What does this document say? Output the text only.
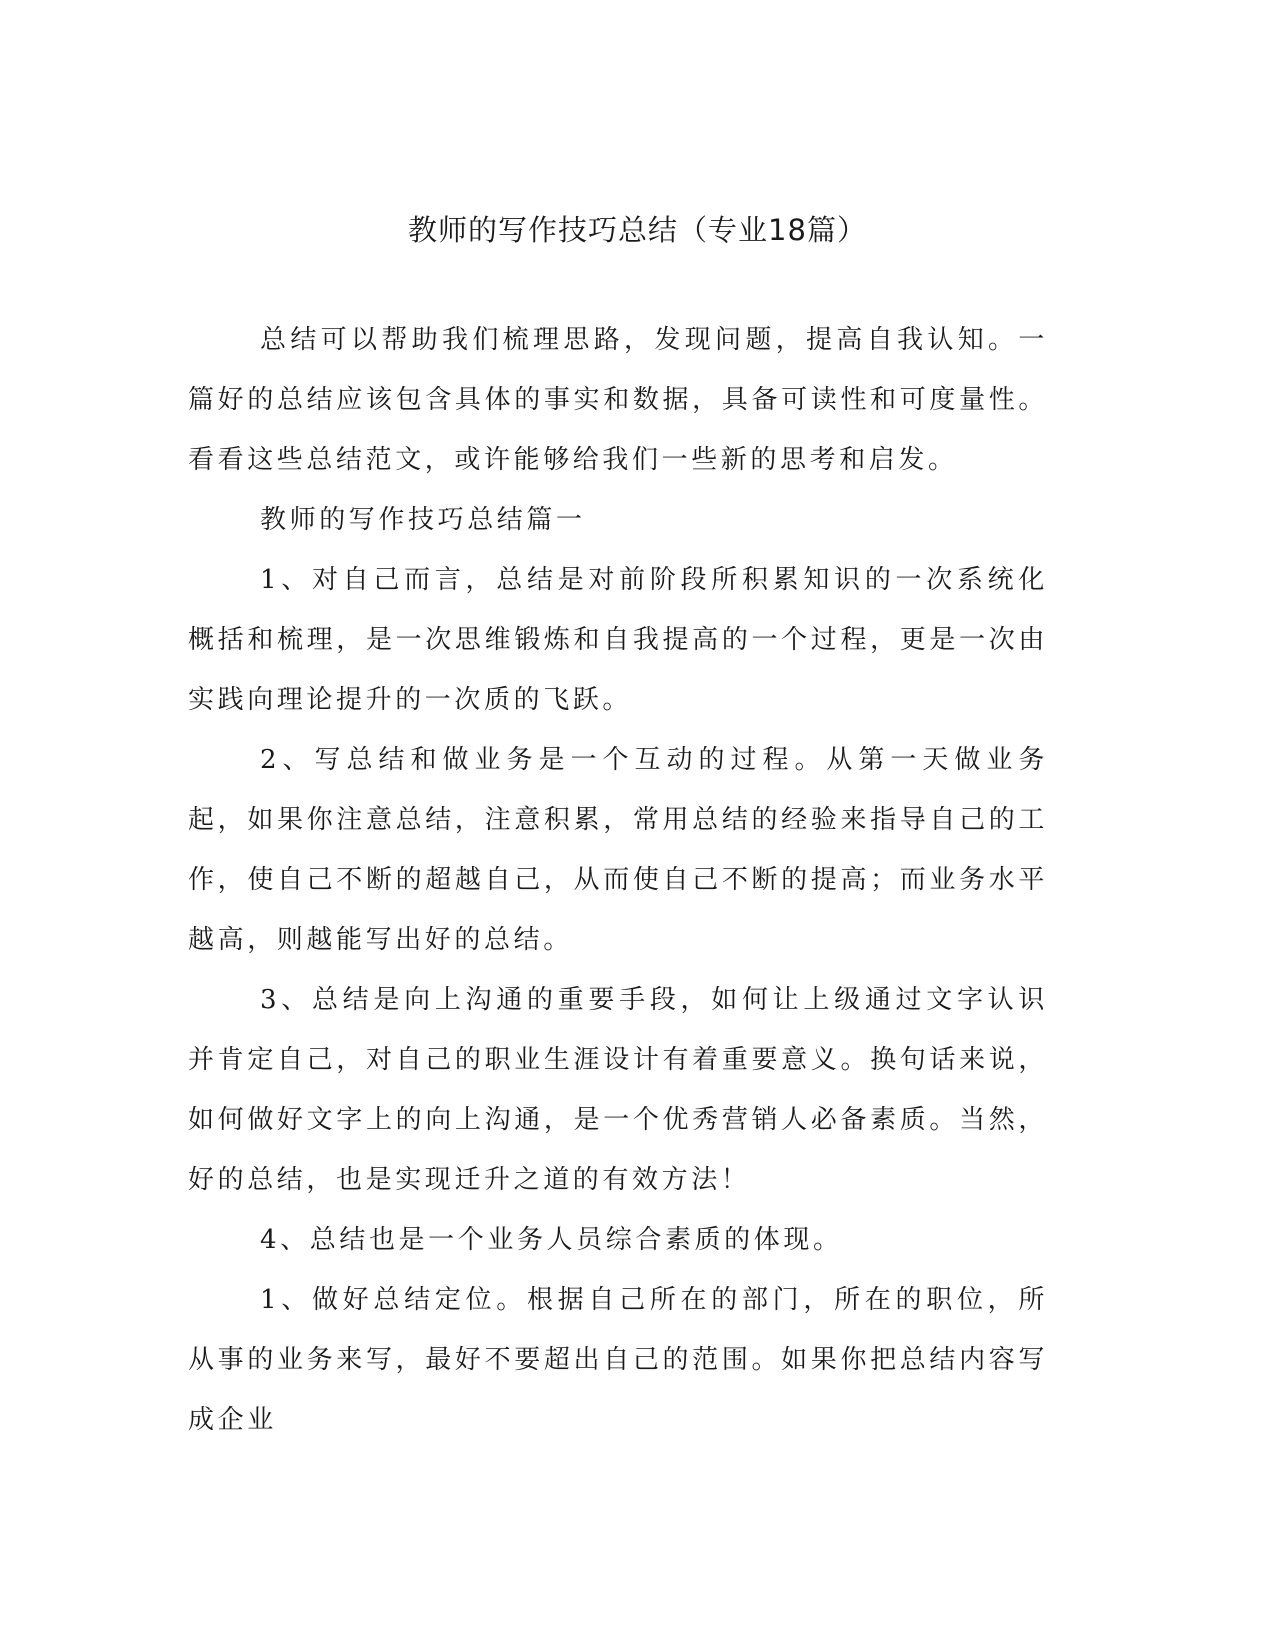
教师的写作技巧总结（专业18篇）

总结可以帮助我们梳理思路，发现问题，提高自我认知。一篇好的总结应该包含具体的事实和数据，具备可读性和可度量性。看看这些总结范文，或许能够给我们一些新的思考和启发。

教师的写作技巧总结篇一

1、对自己而言，总结是对前阶段所积累知识的一次系统化概括和梳理，是一次思维锻炼和自我提高的一个过程，更是一次由实践向理论提升的一次质的飞跃。

2、写总结和做业务是一个互动的过程。从第一天做业务起，如果你注意总结，注意积累，常用总结的经验来指导自己的工作，使自己不断的超越自己，从而使自己不断的提高；而业务水平越高，则越能写出好的总结。

3、总结是向上沟通的重要手段，如何让上级通过文字认识并肯定自己，对自己的职业生涯设计有着重要意义。换句话来说，如何做好文字上的向上沟通，是一个优秀营销人必备素质。当然，好的总结，也是实现迁升之道的有效方法！

4、总结也是一个业务人员综合素质的体现。

1、做好总结定位。根据自己所在的部门，所在的职位，所从事的业务来写，最好不要超出自己的范围。如果你把总结内容写成企业
